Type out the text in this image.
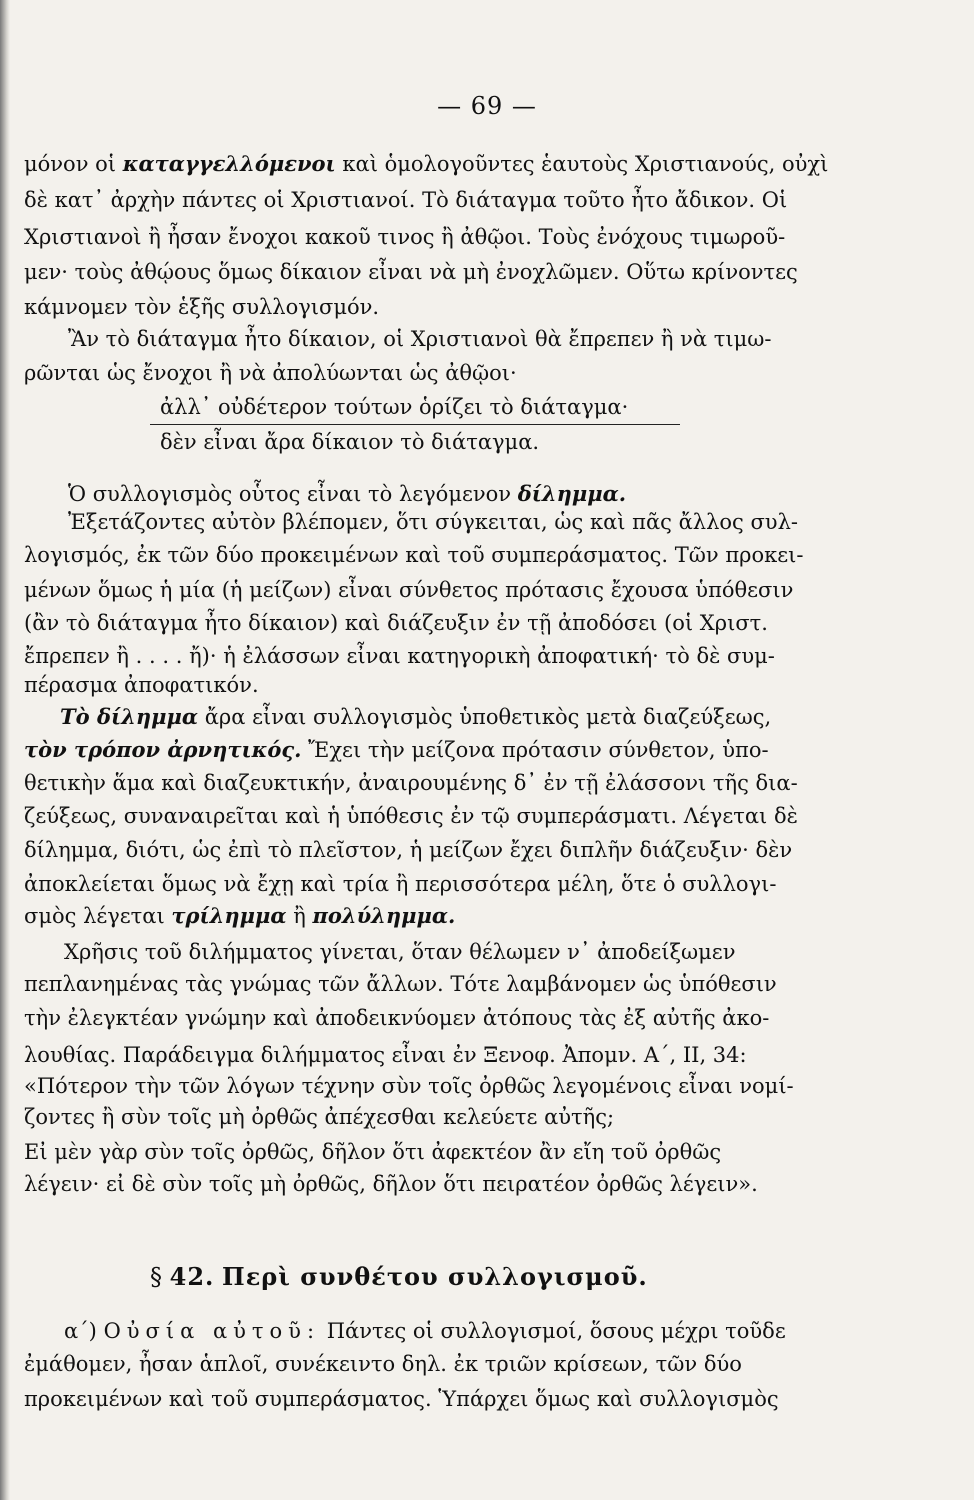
— 69 —
μόνον οἱ καταγγελλόμενοι καὶ ὁμολογοῦντες ἑαυτοὺς Χριστιανούς, οὐχὶ
δὲ κατ᾽ ἀρχὴν πάντες οἱ Χριστιανοί. Τὸ διάταγμα τοῦτο ἦτο ἄδικον. Οἱ
Χριστιανοὶ ἢ ἦσαν ἔνοχοι κακοῦ τινος ἢ ἀθῷοι. Τοὺς ἐνόχους τιμωροῦ-
μεν· τοὺς ἀθῴους ὅμως δίκαιον εἶναι νὰ μὴ ἐνοχλῶμεν. Οὕτω κρίνοντες
κάμνομεν τὸν ἑξῆς συλλογισμόν.
Ἂν τὸ διάταγμα ἦτο δίκαιον, οἱ Χριστιανοὶ θὰ ἔπρεπεν ἢ νὰ τιμω-
ρῶνται ὡς ἔνοχοι ἢ νὰ ἀπολύωνται ὡς ἀθῷοι·
ἀλλ᾽ οὐδέτερον τούτων ὁρίζει τὸ διάταγμα·
δὲν εἶναι ἄρα δίκαιον τὸ διάταγμα.
Ὁ συλλογισμὸς οὗτος εἶναι τὸ λεγόμενον δίλημμα.
Ἐξετάζοντες αὐτὸν βλέπομεν, ὅτι σύγκειται, ὡς καὶ πᾶς ἄλλος συλ-
λογισμός, ἐκ τῶν δύο προκειμένων καὶ τοῦ συμπεράσματος. Τῶν προκει-
μένων ὅμως ἡ μία (ἡ μείζων) εἶναι σύνθετος πρότασις ἔχουσα ὑπόθεσιν
(ἂν τὸ διάταγμα ἦτο δίκαιον) καὶ διάζευξιν ἐν τῇ ἀποδόσει (οἱ Χριστ.
ἔπρεπεν ἢ . . . . ἤ)· ἡ ἐλάσσων εἶναι κατηγορικὴ ἀποφατική· τὸ δὲ συμ-
πέρασμα ἀποφατικόν.
Τὸ δίλημμα ἄρα εἶναι συλλογισμὸς ὑποθετικὸς μετὰ διαζεύξεως,
τὸν τρόπον ἀρνητικός. Ἔχει τὴν μείζονα πρότασιν σύνθετον, ὑπο-
θετικὴν ἅμα καὶ διαζευκτικήν, ἀναιρουμένης δ᾽ ἐν τῇ ἐλάσσονι τῆς δια-
ζεύξεως, συναναιρεῖται καὶ ἡ ὑπόθεσις ἐν τῷ συμπεράσματι. Λέγεται δὲ
δίλημμα, διότι, ὡς ἐπὶ τὸ πλεῖστον, ἡ μείζων ἔχει διπλῆν διάζευξιν· δὲν
ἀποκλείεται ὅμως νὰ ἔχῃ καὶ τρία ἢ περισσότερα μέλη, ὅτε ὁ συλλογι-
σμὸς λέγεται τρίλημμα ἢ πολύλημμα.
Χρῆσις τοῦ διλήμματος γίνεται, ὅταν θέλωμεν ν᾽ ἀποδείξωμεν
πεπλανημένας τὰς γνώμας τῶν ἄλλων. Τότε λαμβάνομεν ὡς ὑπόθεσιν
τὴν ἐλεγκτέαν γνώμην καὶ ἀποδεικνύομεν ἀτόπους τὰς ἐξ αὐτῆς ἀκο-
λουθίας. Παράδειγμα διλήμματος εἶναι ἐν Ξενοφ. Ἀπομν. Α΄, ΙΙ, 34:
«Πότερον τὴν τῶν λόγων τέχνην σὺν τοῖς ὀρθῶς λεγομένοις εἶναι νομί-
ζοντες ἢ σὺν τοῖς μὴ ὀρθῶς ἀπέχεσθαι κελεύετε αὐτῆς;
Εἰ μὲν γὰρ σὺν τοῖς ὀρθῶς, δῆλον ὅτι ἀφεκτέον ἂν εἴη τοῦ ὀρθῶς
λέγειν· εἰ δὲ σὺν τοῖς μὴ ὀρθῶς, δῆλον ὅτι πειρατέον ὀρθῶς λέγειν».
§ 42. Περὶ συνθέτου συλλογισμοῦ.
α΄) Οὐσία αὐτοῦ: Πάντες οἱ συλλογισμοί, ὅσους μέχρι τοῦδε
ἐμάθομεν, ἦσαν ἁπλοῖ, συνέκειντο δηλ. ἐκ τριῶν κρίσεων, τῶν δύο
προκειμένων καὶ τοῦ συμπεράσματος. Ὑπάρχει ὅμως καὶ συλλογισμὸς
